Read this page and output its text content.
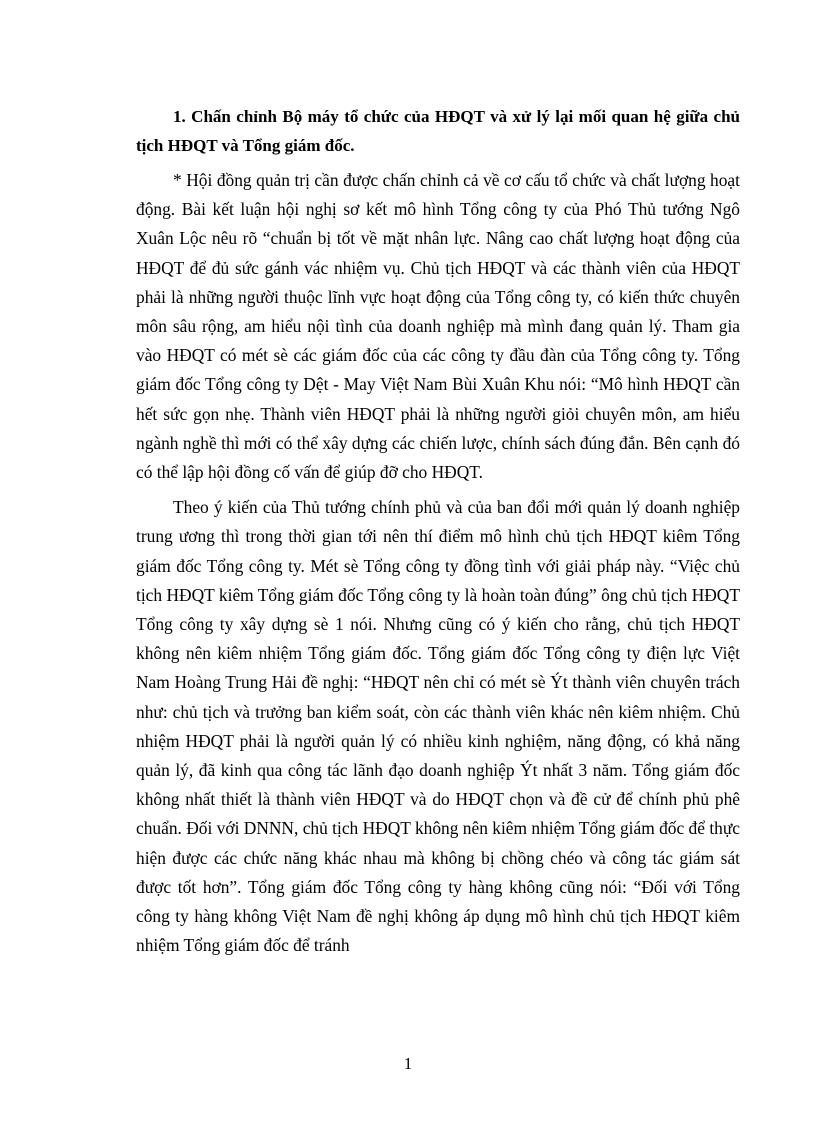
1. Chấn chỉnh Bộ máy tổ chức của HĐQT và xử lý lại mối quan hệ giữa chủ tịch HĐQT và Tổng giám đốc.

* Hội đồng quản trị cần được chấn chỉnh cả về cơ cấu tổ chức và chất lượng hoạt động. Bài kết luận hội nghị sơ kết mô hình Tổng công ty của Phó Thủ tướng Ngô Xuân Lộc nêu rõ “chuẩn bị tốt về mặt nhân lực. Nâng cao chất lượng hoạt động của HĐQT để đủ sức gánh vác nhiệm vụ. Chủ tịch HĐQT và các thành viên của HĐQT phải là những người thuộc lĩnh vực hoạt động của Tổng công ty, có kiến thức chuyên môn sâu rộng, am hiểu nội tình của doanh nghiệp mà mình đang quản lý. Tham gia vào HĐQT có mét sè các giám đốc của các công ty đầu đàn của Tổng công ty. Tổng giám đốc Tổng công ty Dệt - May Việt Nam Bùi Xuân Khu nói: “Mô hình HĐQT cần hết sức gọn nhẹ. Thành viên HĐQT phải là những người giỏi chuyên môn, am hiểu ngành nghề thì mới có thể xây dựng các chiến lược, chính sách đúng đắn. Bên cạnh đó có thể lập hội đồng cố vấn để giúp đỡ cho HĐQT.

Theo ý kiến của Thủ tướng chính phủ và của ban đổi mới quản lý doanh nghiệp trung ương thì trong thời gian tới nên thí điểm mô hình chủ tịch HĐQT kiêm Tổng giám đốc Tổng công ty. Mét sè Tổng công ty đồng tình với giải pháp này. “Việc chủ tịch HĐQT kiêm Tổng giám đốc Tổng công ty là hoàn toàn đúng” ông chủ tịch HĐQT Tổng công ty xây dựng sè 1 nói. Nhưng cũng có ý kiến cho rằng, chủ tịch HĐQT không nên kiêm nhiệm Tổng giám đốc. Tổng giám đốc Tổng công ty điện lực Việt Nam Hoàng Trung Hải đề nghị: “HĐQT nên chỉ có mét sè Ýt thành viên chuyên trách như: chủ tịch và trưởng ban kiểm soát, còn các thành viên khác nên kiêm nhiệm. Chủ nhiệm HĐQT phải là người quản lý có nhiều kinh nghiệm, năng động, có khả năng quản lý, đã kinh qua công tác lãnh đạo doanh nghiệp Ýt nhất 3 năm. Tổng giám đốc không nhất thiết là thành viên HĐQT và do HĐQT chọn và đề cử để chính phủ phê chuẩn. Đối với DNNN, chủ tịch HĐQT không nên kiêm nhiệm Tổng giám đốc để thực hiện được các chức năng khác nhau mà không bị chồng chéo và công tác giám sát được tốt hơn”. Tổng giám đốc Tổng công ty hàng không cũng nói: “Đối với Tổng công ty hàng không Việt Nam đề nghị không áp dụng mô hình chủ tịch HĐQT kiêm nhiệm Tổng giám đốc để tránh

1
